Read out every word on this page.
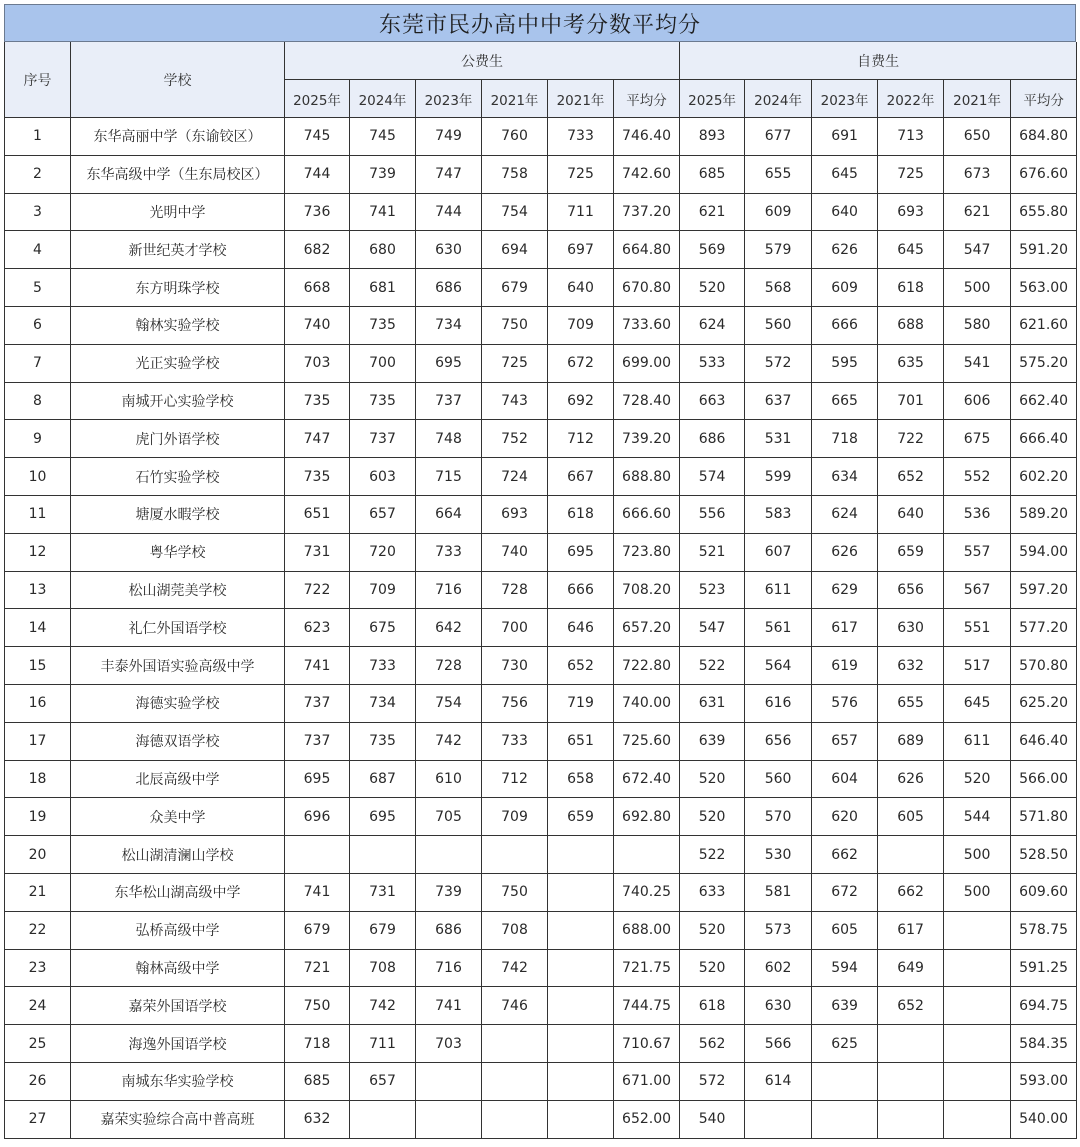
东莞市民办高中中考分数平均分
序号	学校	公费生						自费生					
		2025年	2024年	2023年	2021年	2021年	平均分	2025年	2024年	2023年	2022年	2021年	平均分
1	东华高丽中学（东谕铰区）	745	745	749	760	733	746.40	893	677	691	713	650	684.80
2	东华高级中学（生东局校区）	744	739	747	758	725	742.60	685	655	645	725	673	676.60
3	光明中学	736	741	744	754	711	737.20	621	609	640	693	621	655.80
4	新世纪英才学校	682	680	630	694	697	664.80	569	579	626	645	547	591.20
5	东方明珠学校	668	681	686	679	640	670.80	520	568	609	618	500	563.00
6	翰林实验学校	740	735	734	750	709	733.60	624	560	666	688	580	621.60
7	光正实验学校	703	700	695	725	672	699.00	533	572	595	635	541	575.20
8	南城开心实验学校	735	735	737	743	692	728.40	663	637	665	701	606	662.40
9	虎门外语学校	747	737	748	752	712	739.20	686	531	718	722	675	666.40
10	石竹实验学校	735	603	715	724	667	688.80	574	599	634	652	552	602.20
11	塘厦水暇学校	651	657	664	693	618	666.60	556	583	624	640	536	589.20
12	粤华学校	731	720	733	740	695	723.80	521	607	626	659	557	594.00
13	松山湖莞美学校	722	709	716	728	666	708.20	523	611	629	656	567	597.20
14	礼仁外国语学校	623	675	642	700	646	657.20	547	561	617	630	551	577.20
15	丰泰外国语实验高级中学	741	733	728	730	652	722.80	522	564	619	632	517	570.80
16	海德实验学校	737	734	754	756	719	740.00	631	616	576	655	645	625.20
17	海德双语学校	737	735	742	733	651	725.60	639	656	657	689	611	646.40
18	北辰高级中学	695	687	610	712	658	672.40	520	560	604	626	520	566.00
19	众美中学	696	695	705	709	659	692.80	520	570	620	605	544	571.80
20	松山湖清澜山学校							522	530	662		500	528.50
21	东华松山湖高级中学	741	731	739	750		740.25	633	581	672	662	500	609.60
22	弘桥高级中学	679	679	686	708		688.00	520	573	605	617		578.75
23	翰林高级中学	721	708	716	742		721.75	520	602	594	649		591.25
24	嘉荣外国语学校	750	742	741	746		744.75	618	630	639	652		694.75
25	海逸外国语学校	718	711	703			710.67	562	566	625			584.35
26	南城东华实验学校	685	657				671.00	572	614				593.00
27	嘉荣实验综合高中普高班	632					652.00	540					540.00
